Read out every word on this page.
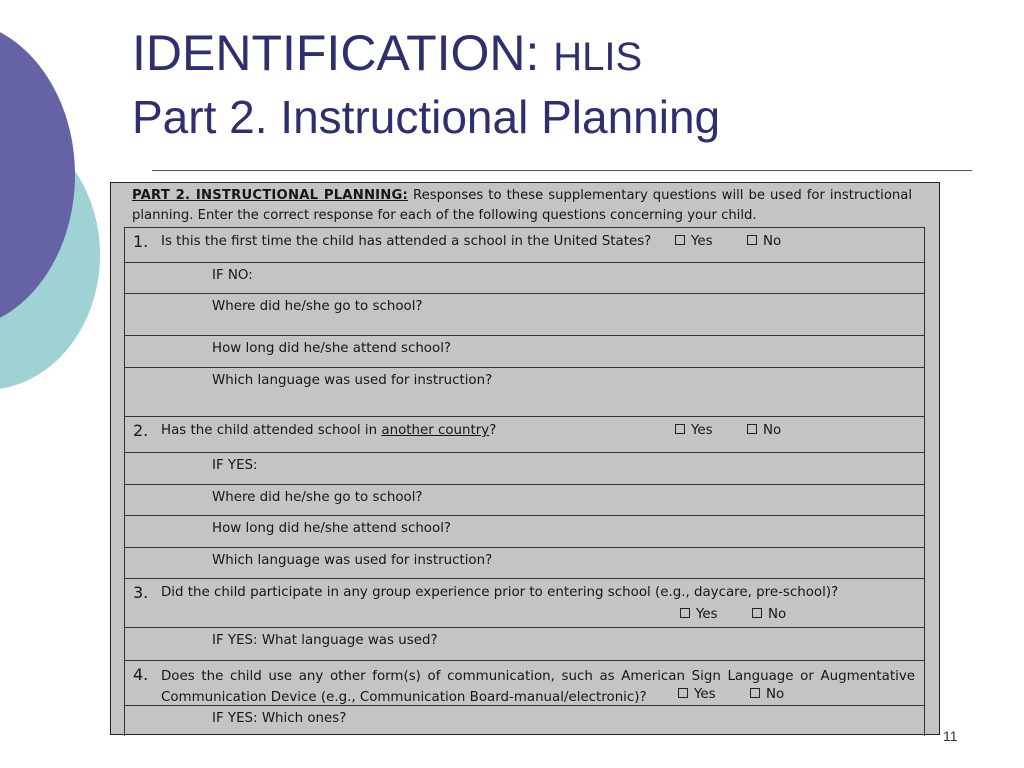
IDENTIFICATION: HLIS
Part 2. Instructional Planning
PART 2. INSTRUCTIONAL PLANNING: Responses to these supplementary questions will be used for instructional planning. Enter the correct response for each of the following questions concerning your child.
1. Is this the first time the child has attended a school in the United States?	Yes	No
IF NO:
Where did he/she go to school?
How long did he/she attend school?
Which language was used for instruction?
2. Has the child attended school in another country?	Yes	No
IF YES:
Where did he/she go to school?
How long did he/she attend school?
Which language was used for instruction?
3. Did the child participate in any group experience prior to entering school (e.g., daycare, pre-school)?
Yes	No
IF YES: What language was used?
4. Does the child use any other form(s) of communication, such as American Sign Language or Augmentative Communication Device (e.g., Communication Board-manual/electronic)?	Yes	No
IF YES: Which ones?
11
